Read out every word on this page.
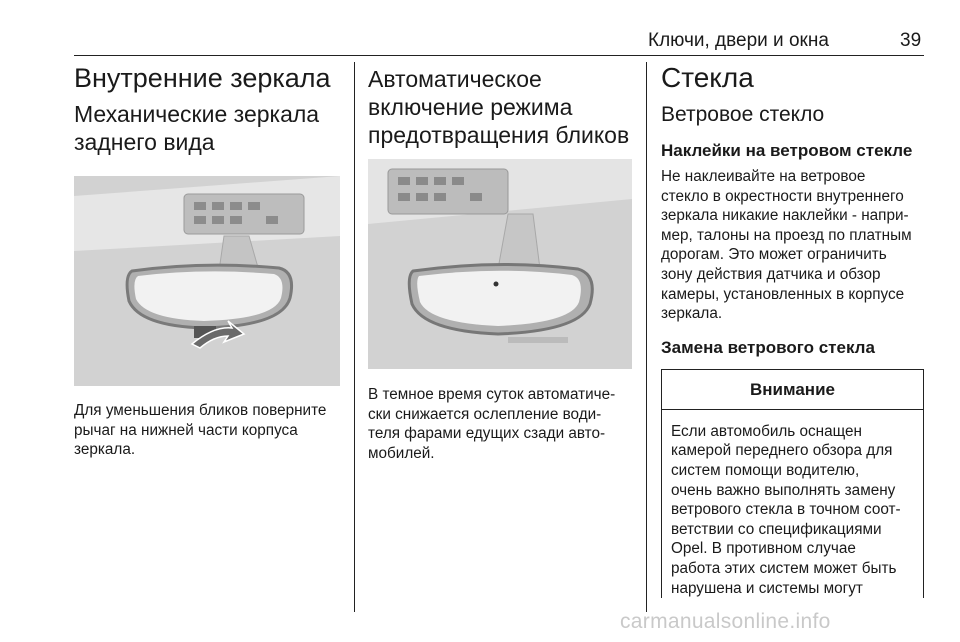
Ключи, двери и окна	39
Внутренние зеркала
Механические зеркала
заднего вида
Для уменьшения бликов поверните
рычаг на нижней части корпуса
зеркала.
Автоматическое
включение режима
предотвращения бликов
В темное время суток автоматиче-
ски снижается ослепление води-
теля фарами едущих сзади авто-
мобилей.
Стекла
Ветровое стекло
Наклейки на ветровом стекле
Не наклеивайте на ветровое
стекло в окрестности внутреннего
зеркала никакие наклейки - напри-
мер, талоны на проезд по платным
дорогам. Это может ограничить
зону действия датчика и обзор
камеры, установленных в корпусе
зеркала.
Замена ветрового стекла
Внимание
Если автомобиль оснащен
камерой переднего обзора для
систем помощи водителю,
очень важно выполнять замену
ветрового стекла в точном соот-
ветствии со спецификациями
Opel. В противном случае
работа этих систем может быть
нарушена и системы могут
carmanualsonline.info
